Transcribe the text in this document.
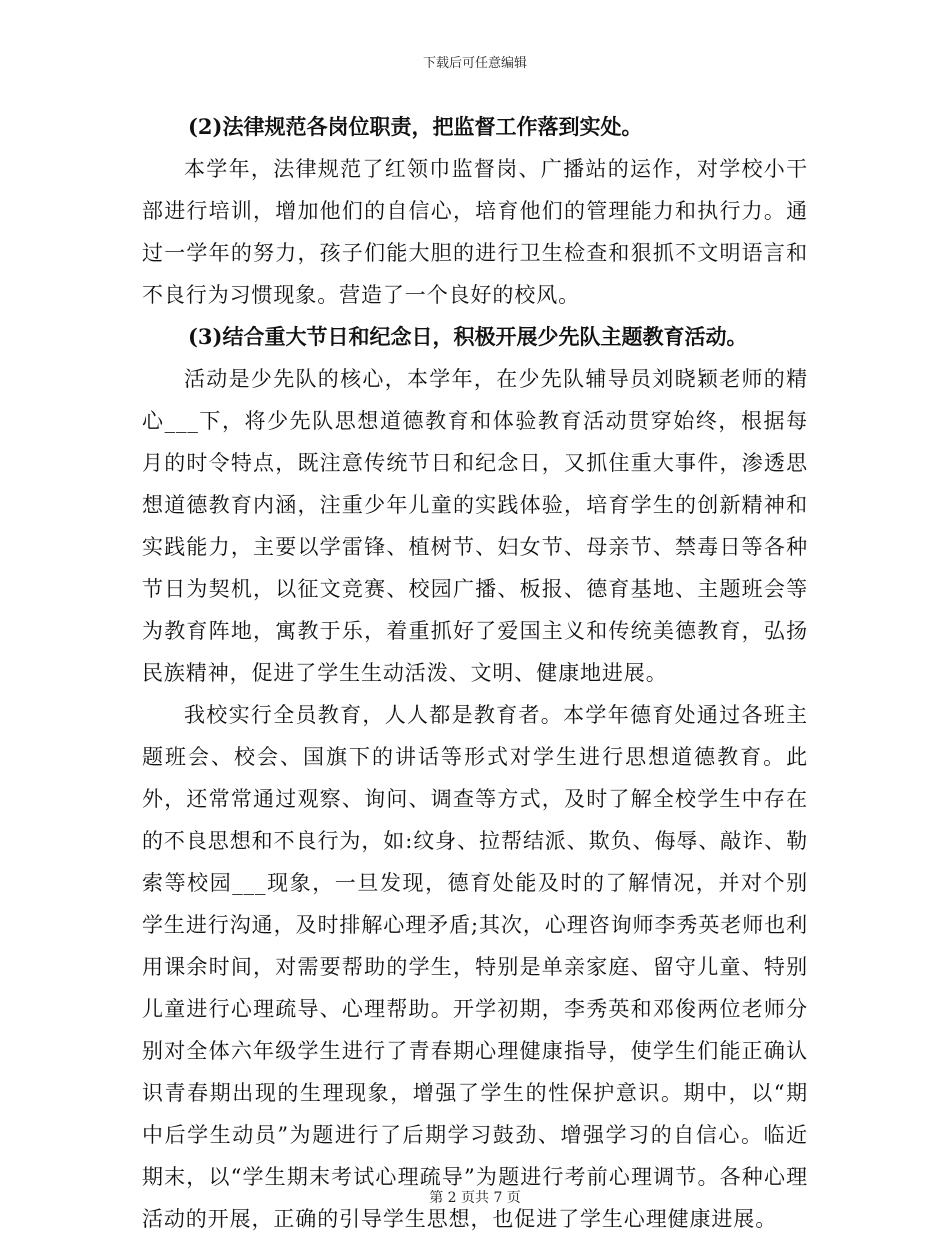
下载后可任意编辑

(2)法律规范各岗位职责，把监督工作落到实处。

本学年，法律规范了红领巾监督岗、广播站的运作，对学校小干部进行培训，增加他们的自信心，培育他们的管理能力和执行力。通过一学年的努力，孩子们能大胆的进行卫生检查和狠抓不文明语言和不良行为习惯现象。营造了一个良好的校风。

(3)结合重大节日和纪念日，积极开展少先队主题教育活动。

活动是少先队的核心，本学年，在少先队辅导员刘晓颖老师的精心___下，将少先队思想道德教育和体验教育活动贯穿始终，根据每月的时令特点，既注意传统节日和纪念日，又抓住重大事件，渗透思想道德教育内涵，注重少年儿童的实践体验，培育学生的创新精神和实践能力，主要以学雷锋、植树节、妇女节、母亲节、禁毒日等各种节日为契机，以征文竞赛、校园广播、板报、德育基地、主题班会等为教育阵地，寓教于乐，着重抓好了爱国主义和传统美德教育，弘扬民族精神，促进了学生生动活泼、文明、健康地进展。

我校实行全员教育，人人都是教育者。本学年德育处通过各班主题班会、校会、国旗下的讲话等形式对学生进行思想道德教育。此外，还常常通过观察、询问、调查等方式，及时了解全校学生中存在的不良思想和不良行为，如:纹身、拉帮结派、欺负、侮辱、敲诈、勒索等校园___现象，一旦发现，德育处能及时的了解情况，并对个别学生进行沟通，及时排解心理矛盾;其次，心理咨询师李秀英老师也利用课余时间，对需要帮助的学生，特别是单亲家庭、留守儿童、特别儿童进行心理疏导、心理帮助。开学初期，李秀英和邓俊两位老师分别对全体六年级学生进行了青春期心理健康指导，使学生们能正确认识青春期出现的生理现象，增强了学生的性保护意识。期中，以“期中后学生动员”为题进行了后期学习鼓劲、增强学习的自信心。临近期末，以“学生期末考试心理疏导”为题进行考前心理调节。各种心理活动的开展，正确的引导学生思想，也促进了学生心理健康进展。

第 2 页共 7 页
